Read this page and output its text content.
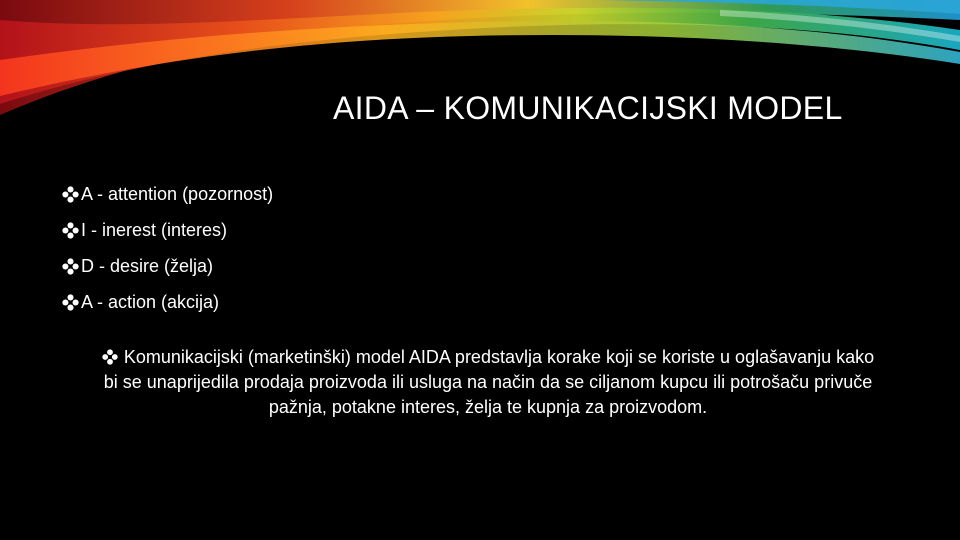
AIDA – KOMUNIKACIJSKI MODEL
A - attention (pozornost)
I - inerest (interes)
D - desire (želja)
A - action (akcija)

Komunikacijski (marketinški) model AIDA predstavlja korake koji se koriste u oglašavanju kako bi se unaprijedila prodaja proizvoda ili usluga na način da se ciljanom kupcu ili potrošaču privuče pažnja, potakne interes, želja te kupnja za proizvodom.
